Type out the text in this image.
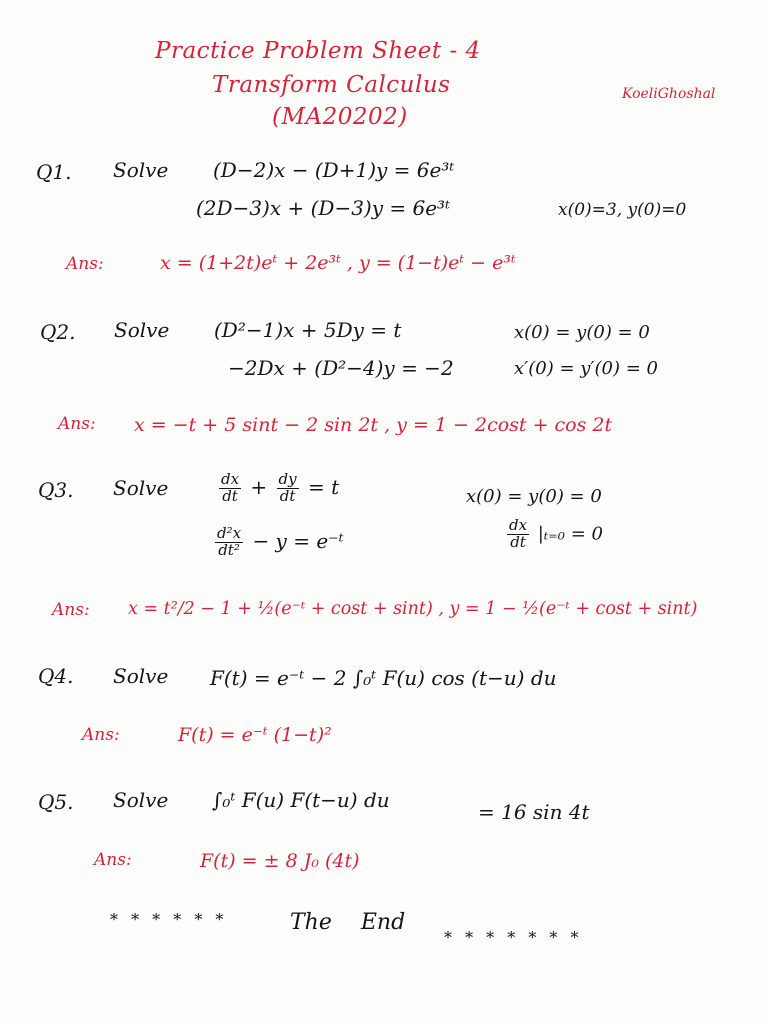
Practice Problem Sheet - 4
Transform Calculus
(MA20202)
KoeliGhoshal
Q1. Solve (D−2)x − (D+1)y = 6e³ᵗ
(2D−3)x + (D−3)y = 6e³ᵗ	x(0)=3, y(0)=0
Ans:	x = (1+2t)eᵗ + 2e³ᵗ , y = (1−t)eᵗ − e³ᵗ
Q2. Solve (D²−1)x + 5Dy = t
−2Dx + (D²−4)y = −2
x(0) = y(0) = 0
x′(0) = y′(0) = 0
Ans: x = −t + 5 sint − 2 sin 2t , y = 1 − 2cost + cos 2t
Q3. Solve	$\frac{dx}{dt} + \frac{dy}{dt} = t$
$\frac{\text{d²x}}{\text{dt²}} - y$ = e⁻ᵗ
x(0) = y(0) = 0
$\frac{dx}{dt} |_{t=0} = 0$
Ans: x = t²/2 − 1 + ½(e⁻ᵗ + cost + sint) , y = 1 − ½(e⁻ᵗ + cost + sint)
Q4. Solve F(t) = e⁻ᵗ − 2 ∫₀ᵗ F(u) cos (t−u) du
Ans:	F(t) = e⁻ᵗ (1−t)²
Q5. Solve ∫₀ᵗ F(u) F(t−u) du	= 16 sin 4t
Ans:	F(t) = ± 8 J₀ (4t)
* * * * * *	The End
* * * * * * *
